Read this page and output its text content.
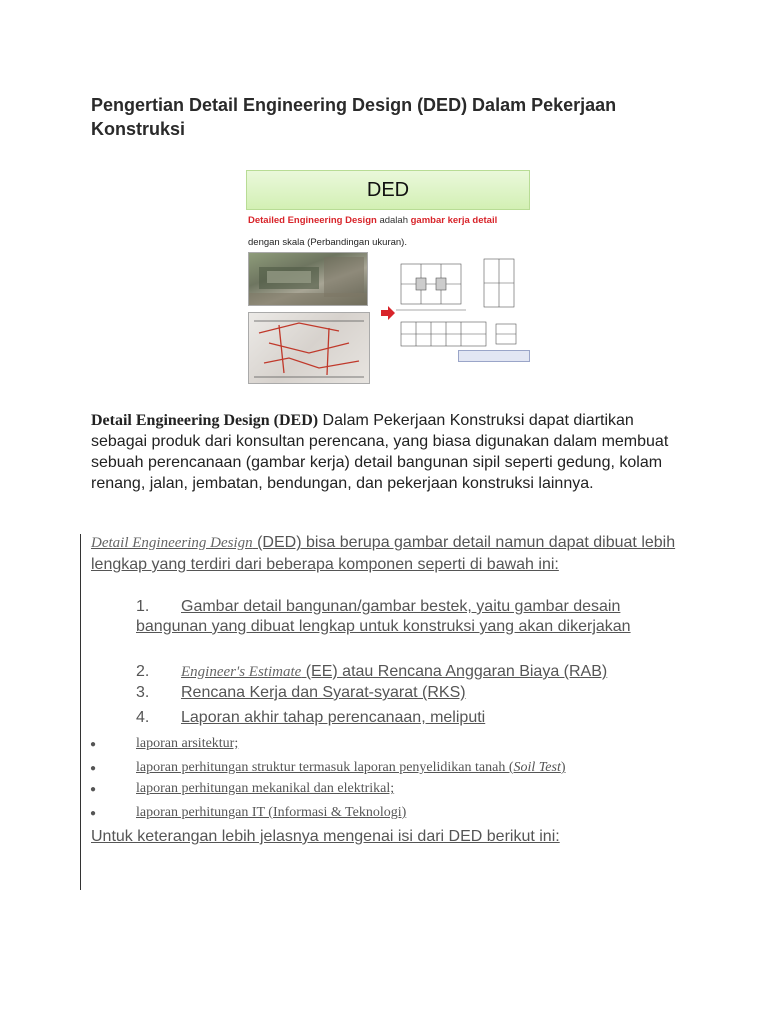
Pengertian Detail Engineering Design (DED) Dalam Pekerjaan Konstruksi
DED
Detailed Engineering Design adalah gambar kerja detail
dengan skala (Perbandingan ukuran).
Detail Engineering Design (DED) Dalam Pekerjaan Konstruksi dapat diartikan sebagai produk dari konsultan perencana, yang biasa digunakan dalam membuat sebuah perencanaan (gambar kerja) detail bangunan sipil seperti gedung, kolam renang, jalan, jembatan, bendungan, dan pekerjaan konstruksi lainnya.
Detail Engineering Design (DED) bisa berupa gambar detail namun dapat dibuat lebih lengkap yang terdiri dari beberapa komponen seperti di bawah ini:
1. Gambar detail bangunan/gambar bestek, yaitu gambar desain bangunan yang dibuat lengkap untuk konstruksi yang akan dikerjakan
2. Engineer's Estimate (EE) atau Rencana Anggaran Biaya (RAB)
3. Rencana Kerja dan Syarat-syarat (RKS)
4. Laporan akhir tahap perencanaan, meliputi
●	laporan arsitektur;
●	laporan perhitungan struktur termasuk laporan penyelidikan tanah (Soil Test)
●	laporan perhitungan mekanikal dan elektrikal;
●	laporan perhitungan IT (Informasi & Teknologi)
Untuk keterangan lebih jelasnya mengenai isi dari DED berikut ini:
